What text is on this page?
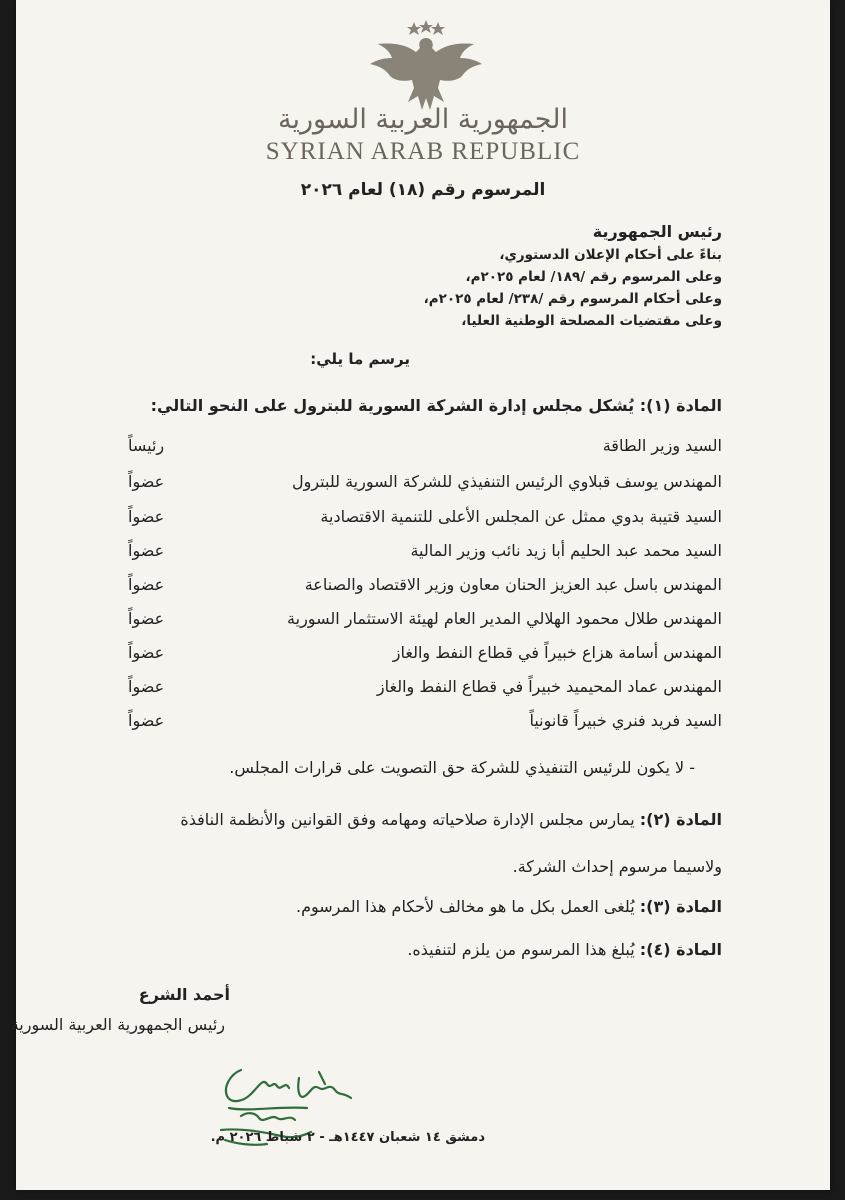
الجمهورية العربية السورية
SYRIAN ARAB REPUBLIC
المرسوم رقم (١٨) لعام ٢٠٢٦
رئيس الجمهورية
بناءً على أحكام الإعلان الدستوري،
وعلى المرسوم رقم /١٨٩/ لعام ٢٠٢٥م،
وعلى أحكام المرسوم رقم /٢٣٨/ لعام ٢٠٢٥م،
وعلى مقتضيات المصلحة الوطنية العليا،
يرسم ما يلي:
المادة (١): يُشكل مجلس إدارة الشركة السورية للبترول على النحو التالي:
السيد وزير الطاقة
رئيساً
المهندس يوسف قبلاوي الرئيس التنفيذي للشركة السورية للبترول
عضواً
السيد قتيبة بدوي ممثل عن المجلس الأعلى للتنمية الاقتصادية
عضواً
السيد محمد عبد الحليم أبا زيد نائب وزير المالية
عضواً
المهندس باسل عبد العزيز الحنان معاون وزير الاقتصاد والصناعة
عضواً
المهندس طلال محمود الهلالي المدير العام لهيئة الاستثمار السورية
عضواً
المهندس أسامة هزاع خبيراً في قطاع النفط والغاز
عضواً
المهندس عماد المحيميد خبيراً في قطاع النفط والغاز
عضواً
السيد فريد فنري خبيراً قانونياً
عضواً
- لا يكون للرئيس التنفيذي للشركة حق التصويت على قرارات المجلس.
المادة (٢): يمارس مجلس الإدارة صلاحياته ومهامه وفق القوانين والأنظمة النافذة
ولاسيما مرسوم إحداث الشركة.
المادة (٣): يُلغى العمل بكل ما هو مخالف لأحكام هذا المرسوم.
المادة (٤): يُبلغ هذا المرسوم من يلزم لتنفيذه.
أحمد الشرع
رئيس الجمهورية العربية السورية
دمشق ١٤ شعبان ١٤٤٧هـ - ٢ شباط ٢٠٢٦ م.
